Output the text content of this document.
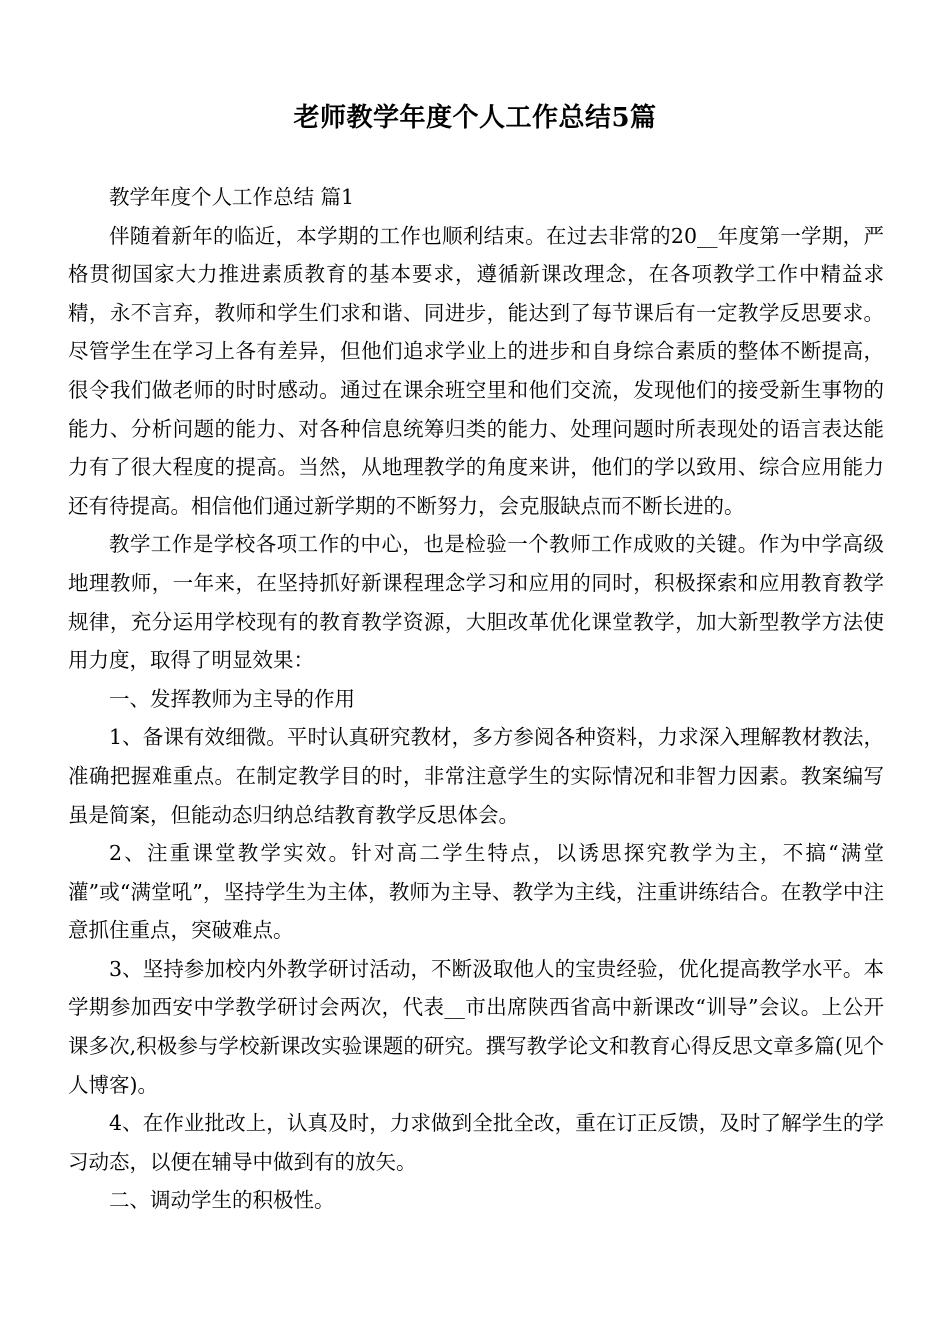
老师教学年度个人工作总结5篇

教学年度个人工作总结 篇1

伴随着新年的临近，本学期的工作也顺利结束。在过去非常的20__年度第一学期，严格贯彻国家大力推进素质教育的基本要求，遵循新课改理念，在各项教学工作中精益求精，永不言弃，教师和学生们求和谐、同进步，能达到了每节课后有一定教学反思要求。尽管学生在学习上各有差异，但他们追求学业上的进步和自身综合素质的整体不断提高，很令我们做老师的时时感动。通过在课余班空里和他们交流，发现他们的接受新生事物的能力、分析问题的能力、对各种信息统筹归类的能力、处理问题时所表现处的语言表达能力有了很大程度的提高。当然，从地理教学的角度来讲，他们的学以致用、综合应用能力还有待提高。相信他们通过新学期的不断努力，会克服缺点而不断长进的。

教学工作是学校各项工作的中心，也是检验一个教师工作成败的关键。作为中学高级地理教师，一年来，在坚持抓好新课程理念学习和应用的同时，积极探索和应用教育教学规律，充分运用学校现有的教育教学资源，大胆改革优化课堂教学，加大新型教学方法使用力度，取得了明显效果：

一、发挥教师为主导的作用

1、备课有效细微。平时认真研究教材，多方参阅各种资料，力求深入理解教材教法，准确把握难重点。在制定教学目的时，非常注意学生的实际情况和非智力因素。教案编写虽是简案，但能动态归纳总结教育教学反思体会。

2、注重课堂教学实效。针对高二学生特点，以诱思探究教学为主，不搞“满堂灌”或“满堂吼”，坚持学生为主体，教师为主导、教学为主线，注重讲练结合。在教学中注意抓住重点，突破难点。

3、坚持参加校内外教学研讨活动，不断汲取他人的宝贵经验，优化提高教学水平。本学期参加西安中学教学研讨会两次，代表__市出席陕西省高中新课改“训导”会议。上公开课多次,积极参与学校新课改实验课题的研究。撰写教学论文和教育心得反思文章多篇(见个人博客)。

4、在作业批改上，认真及时，力求做到全批全改，重在订正反馈，及时了解学生的学习动态，以便在辅导中做到有的放矢。

二、调动学生的积极性。
